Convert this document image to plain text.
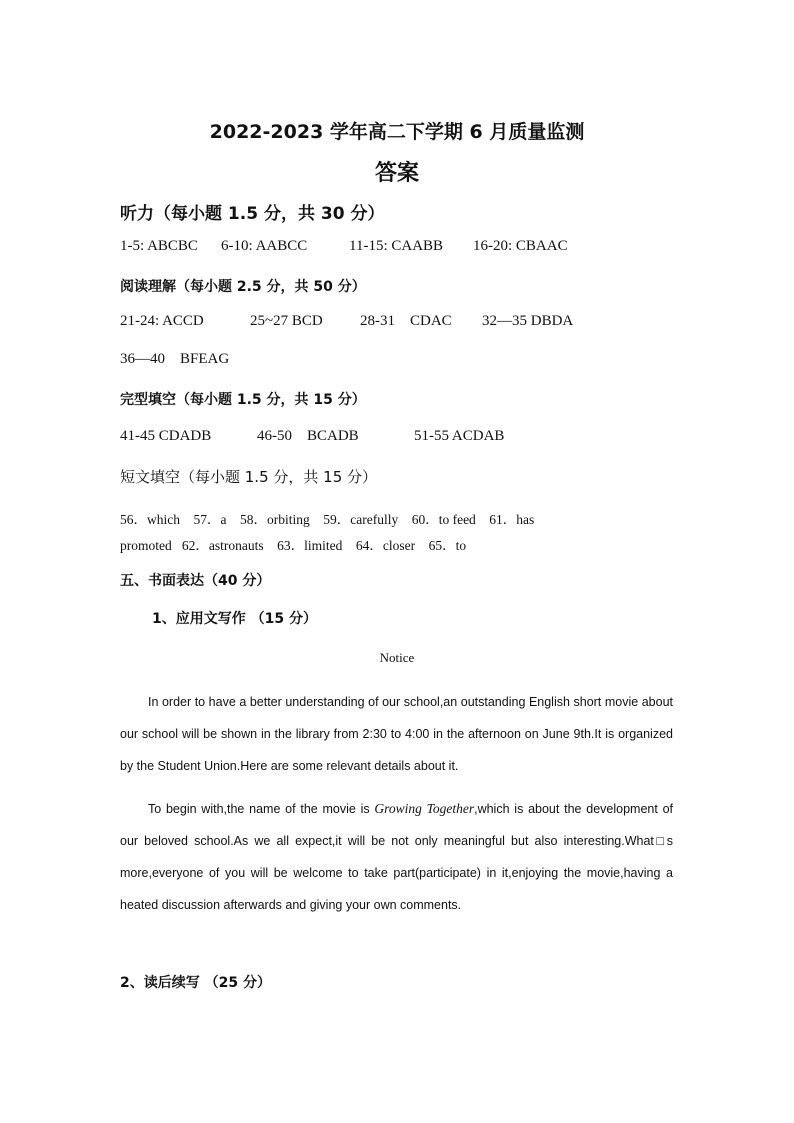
2022-2023 学年高二下学期 6 月质量监测
答案
听力（每小题 1.5 分，共 30 分）
1-5: ABCBC 6-10: AABCC	11-15: CAABB 16-20: CBAAC
阅读理解（每小题 2.5 分，共 50 分）
21-24: ACCD	25~27 BCD 28-31    CDAC 32—35 DBDA
36—40    BFEAG
完型填空（每小题 1.5 分，共 15 分）
41-45 CDADB	46-50    BCADB	51-55 ACDAB
短文填空（每小题 1.5 分，共 15 分）
56．which    57．a    58．orbiting    59．carefully    60．to feed    61．has
promoted   62．astronauts    63．limited    64．closer    65．to
五、书面表达（40 分）
1、应用文写作 （15 分）
Notice
In order to have a better understanding of our school,an outstanding English short movie about our school will be shown in the library from 2:30 to 4:00 in the afternoon on June 9th.It is organized by the Student Union.Here are some relevant details about it.
To begin with,the name of the movie is Growing Together,which is about the development of our beloved school.As we all expect,it will be not only meaningful but also interesting.What□s more,everyone of you will be welcome to take part(participate) in it,enjoying the movie,having a heated discussion afterwards and giving your own comments.
2、读后续写 （25 分）
